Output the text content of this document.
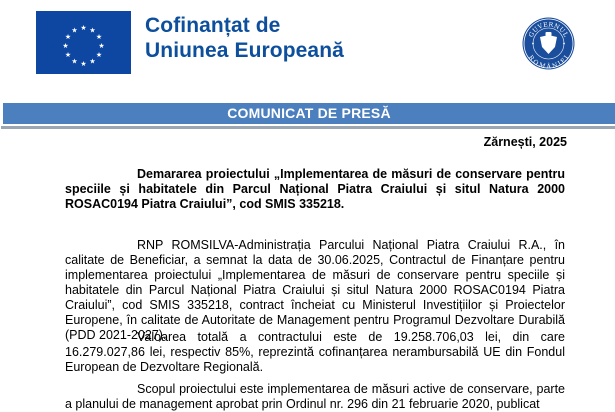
★ ★
★
★
★
★
★
★
★
★
★
★	Cofinanțat de
Uniunea Europeană
GUVERNUL
ROMÂNIEI
COMUNICAT DE PRESĂ
Zărnești, 2025
Demararea proiectului „Implementarea de măsuri de conservare pentru speciile și habitatele din Parcul Național Piatra Craiului și situl Natura 2000 ROSAC0194 Piatra Craiului”, cod SMIS 335218.
RNP ROMSILVA-Administrația Parcului Național Piatra Craiului R.A., în calitate de Beneficiar, a semnat la data de 30.06.2025, Contractul de Finanțare pentru implementarea proiectului „Implementarea de măsuri de conservare pentru speciile și habitatele din Parcul Național Piatra Craiului și situl Natura 2000 ROSAC0194 Piatra Craiului”, cod SMIS 335218, contract încheiat cu Ministerul Investițiilor și Proiectelor Europene, în calitate de Autoritate de Management pentru Programul Dezvoltare Durabilă (PDD 2021-2027).
Valoarea totală a contractului este de 19.258.706,03 lei, din care 16.279.027,86 lei, respectiv 85%, reprezintă cofinanțarea nerambursabilă UE din Fondul European de Dezvoltare Regională.
Scopul proiectului este implementarea de măsuri active de conservare, parte a planului de management aprobat prin Ordinul nr. 296 din 21 februarie 2020, publicat
